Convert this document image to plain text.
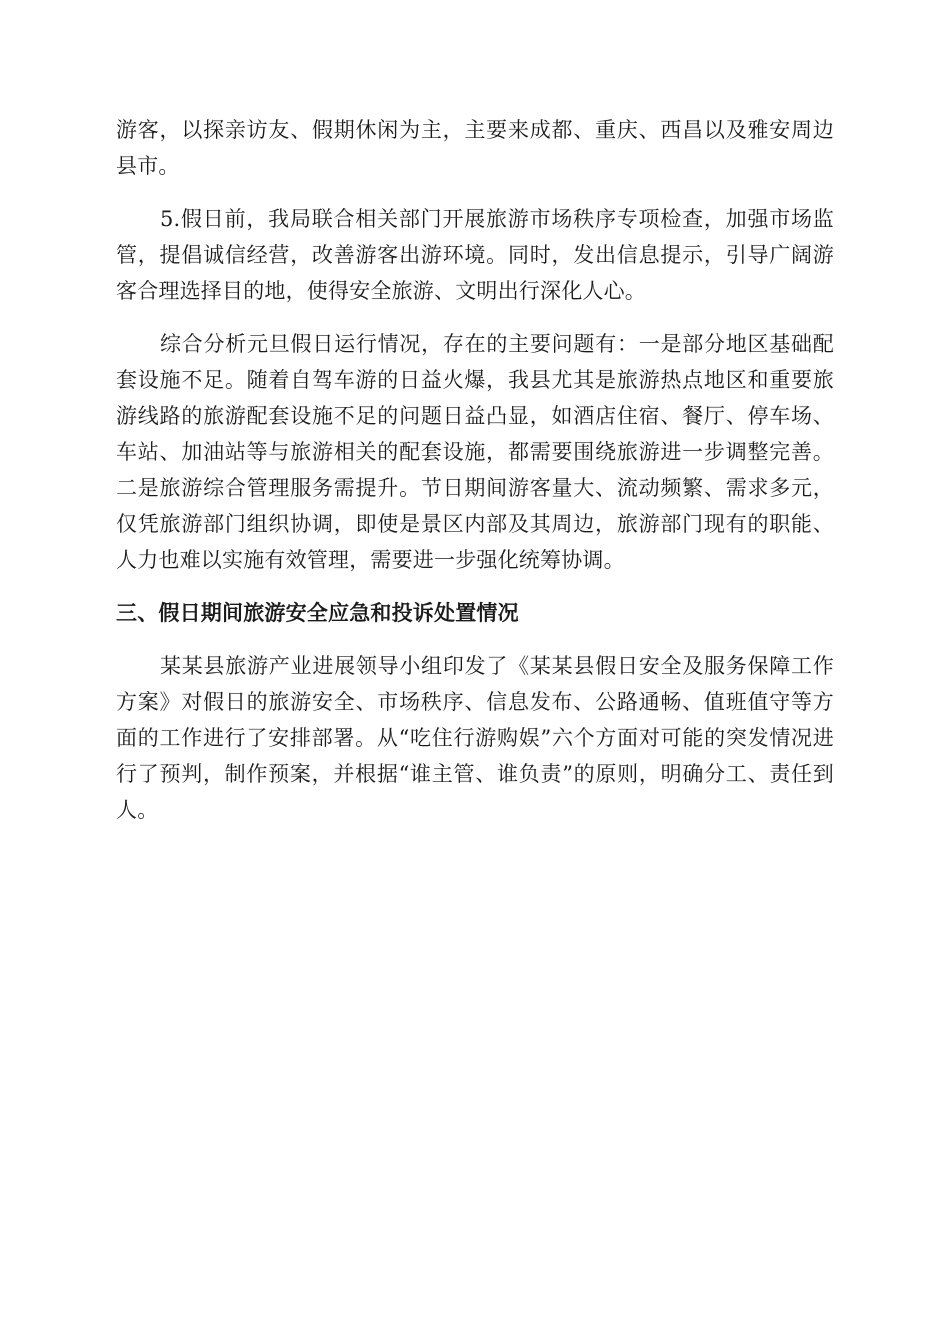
游客，以探亲访友、假期休闲为主，主要来成都、重庆、西昌以及雅安周边县市。

5.假日前，我局联合相关部门开展旅游市场秩序专项检查，加强市场监管，提倡诚信经营，改善游客出游环境。同时，发出信息提示，引导广阔游客合理选择目的地，使得安全旅游、文明出行深化人心。

综合分析元旦假日运行情况，存在的主要问题有：一是部分地区基础配套设施不足。随着自驾车游的日益火爆，我县尤其是旅游热点地区和重要旅游线路的旅游配套设施不足的问题日益凸显，如酒店住宿、餐厅、停车场、车站、加油站等与旅游相关的配套设施，都需要围绕旅游进一步调整完善。二是旅游综合管理服务需提升。节日期间游客量大、流动频繁、需求多元，仅凭旅游部门组织协调，即使是景区内部及其周边，旅游部门现有的职能、人力也难以实施有效管理，需要进一步强化统筹协调。

三、假日期间旅游安全应急和投诉处置情况

某某县旅游产业进展领导小组印发了《某某县假日安全及服务保障工作方案》对假日的旅游安全、市场秩序、信息发布、公路通畅、值班值守等方面的工作进行了安排部署。从“吃住行游购娱”六个方面对可能的突发情况进行了预判，制作预案，并根据“谁主管、谁负责”的原则，明确分工、责任到人。
